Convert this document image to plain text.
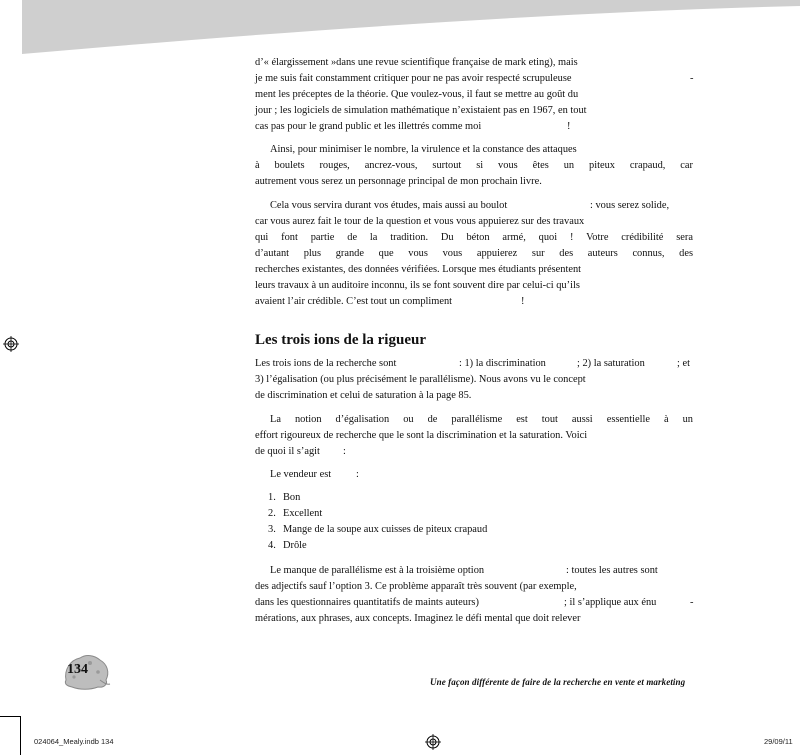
d’« élargissement »dans une revue scientifique française de mark eting), mais
je me suis fait constamment critiquer pour ne pas avoir respecté scrupuleuse	-
ment les préceptes de la théorie. Que voulez-vous, il faut se mettre au goût du
jour ; les logiciels de simulation mathématique n’existaient pas en 1967, en tout
cas pas pour le grand public et les illettrés comme moi	!
Ainsi, pour minimiser le nombre, la virulence et la constance des attaques
à boulets rouges, ancrez-vous, surtout si vous êtes un piteux crapaud, car
autrement vous serez un personnage principal de mon prochain livre.
Cela vous servira durant vos études, mais aussi au boulot	: vous serez solide,
car vous aurez fait le tour de la question et vous vous appuierez sur des travaux
qui font partie de la tradition. Du béton armé, quoi ! Votre crédibilité sera
d’autant plus grande que vous vous appuierez sur des auteurs connus, des
recherches existantes, des données vérifiées. Lorsque mes étudiants présentent
leurs travaux à un auditoire inconnu, ils se font souvent dire par celui-ci qu’ils
avaient l’air crédible. C’est tout un compliment	!
Les trois ions de la rigueur
Les trois ions de la recherche sont	: 1) la discrimination	; 2) la saturation	; et
3) l’égalisation (ou plus précisément le parallélisme). Nous avons vu le concept
de discrimination et celui de saturation à la page 85.
La notion d’égalisation ou de parallélisme est tout aussi essentielle à un
effort rigoureux de recherche que le sont la discrimination et la saturation. Voici
de quoi il s’agit :
Le vendeur est :
1. Bon
2. Excellent
3. Mange de la soupe aux cuisses de piteux crapaud
4. Drôle
Le manque de parallélisme est à la troisième option	: toutes les autres sont
des adjectifs sauf l’option 3. Ce problème apparaît très souvent (par exemple,
dans les questionnaires quantitatifs de maints auteurs)	; il s’applique aux énu	-
mérations, aux phrases, aux concepts. Imaginez le défi mental que doit relever
134
Une façon différente de faire de la recherche en vente et marketing
024064_Mealy.indb 134	29/09/11
